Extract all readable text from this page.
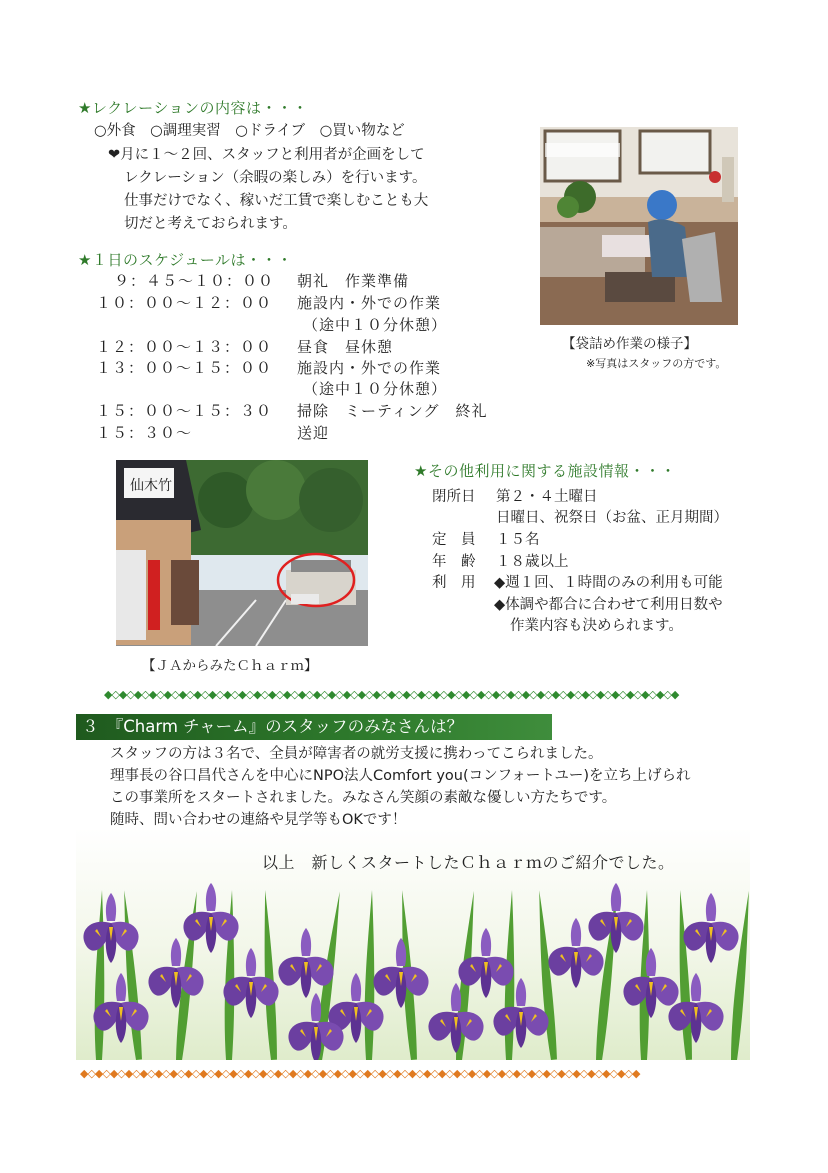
★レクレーションの内容は・・・
○外食　○調理実習　○ドライブ　○買い物など
❤月に１～２回、スタッフと利用者が企画をして
レクレーション（余暇の楽しみ）を行います。
仕事だけでなく、稼いだ工賃で楽しむことも大
切だと考えておられます。
【袋詰め作業の様子】
※写真はスタッフの方です。
★１日のスケジュールは・・・
９：４５～１０：００ 朝礼　作業準備
１０：００～１２：００ 施設内・外での作業
（途中１０分休憩）
１２：００～１３：００ 昼食　昼休憩
１３：００～１５：００ 施設内・外での作業
（途中１０分休憩）
１５：００～１５：３０ 掃除　ミーティング　終礼
１５：３０～	送迎
仙木竹
【ＪＡからみたＣｈａｒｍ】
★その他利用に関する施設情報・・・
閉所日 第２・４土曜日
日曜日、祝祭日（お盆、正月期間）
定　員 １５名
年　齢 １８歳以上
利　用 ◆週１回、１時間のみの利用も可能
◆体調や都合に合わせて利用日数や
作業内容も決められます。
◆◇◆◇◆◇◆◇◆◇◆◇◆◇◆◇◆◇◆◇◆◇◆◇◆◇◆◇◆◇◆◇◆◇◆◇◆◇◆◇◆◇◆◇◆◇◆◇◆◇◆◇◆◇◆◇◆◇◆◇◆◇◆◇◆◇◆◇◆◇◆◇◆◇◆◇◆
３　『Charm チャーム』のスタッフのみなさんは？
スタッフの方は３名で、全員が障害者の就労支援に携わってこられました。
理事長の谷口昌代さんを中心にNPO法人Comfort you(コンフォートユー)を立ち上げられ
この事業所をスタートされました。みなさん笑顔の素敵な優しい方たちです。
随時、問い合わせの連絡や見学等もOKです！
以上　新しくスタートしたＣｈａｒｍのご紹介でした。
◆◇◆◇◆◇◆◇◆◇◆◇◆◇◆◇◆◇◆◇◆◇◆◇◆◇◆◇◆◇◆◇◆◇◆◇◆◇◆◇◆◇◆◇◆◇◆◇◆◇◆◇◆◇◆◇◆◇◆◇◆◇◆◇◆◇◆◇◆◇◆◇◆◇◆
